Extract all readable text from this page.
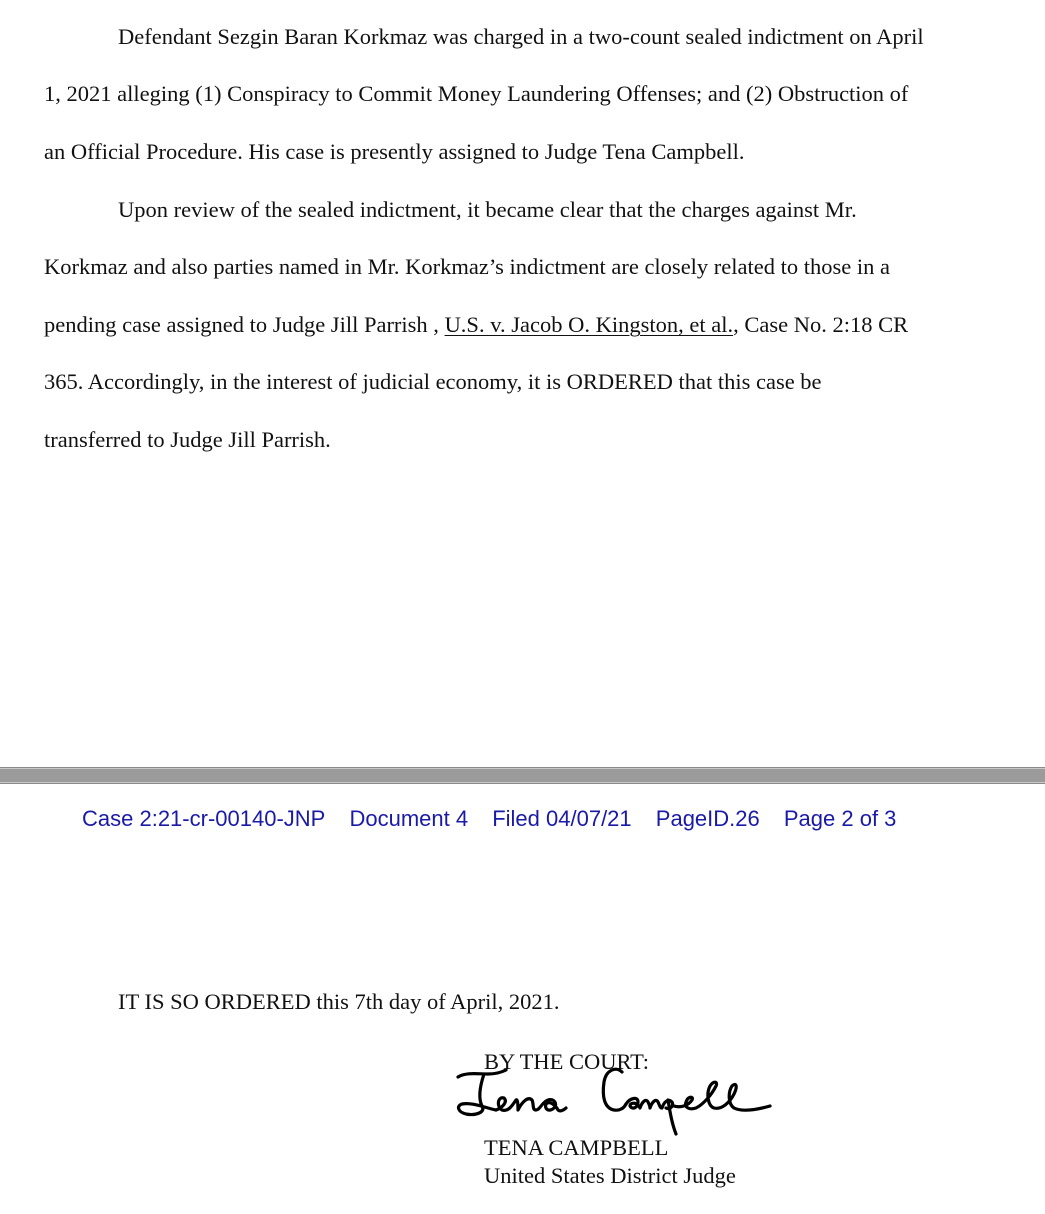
Defendant Sezgin Baran Korkmaz was charged in a two-count sealed indictment on April
1, 2021 alleging (1) Conspiracy to Commit Money Laundering Offenses; and (2) Obstruction of
an Official Procedure. His case is presently assigned to Judge Tena Campbell.
Upon review of the sealed indictment, it became clear that the charges against Mr.
Korkmaz and also parties named in Mr. Korkmaz’s indictment are closely related to those in a
pending case assigned to Judge Jill Parrish , U.S. v. Jacob O. Kingston, et al., Case No. 2:18 CR
365. Accordingly, in the interest of judicial economy, it is ORDERED that this case be
transferred to Judge Jill Parrish.
Case 2:21-cr-00140-JNP Document 4 Filed 04/07/21 PageID.26 Page 2 of 3
IT IS SO ORDERED this 7th day of April, 2021.
BY THE COURT:
TENA CAMPBELL
United States District Judge
